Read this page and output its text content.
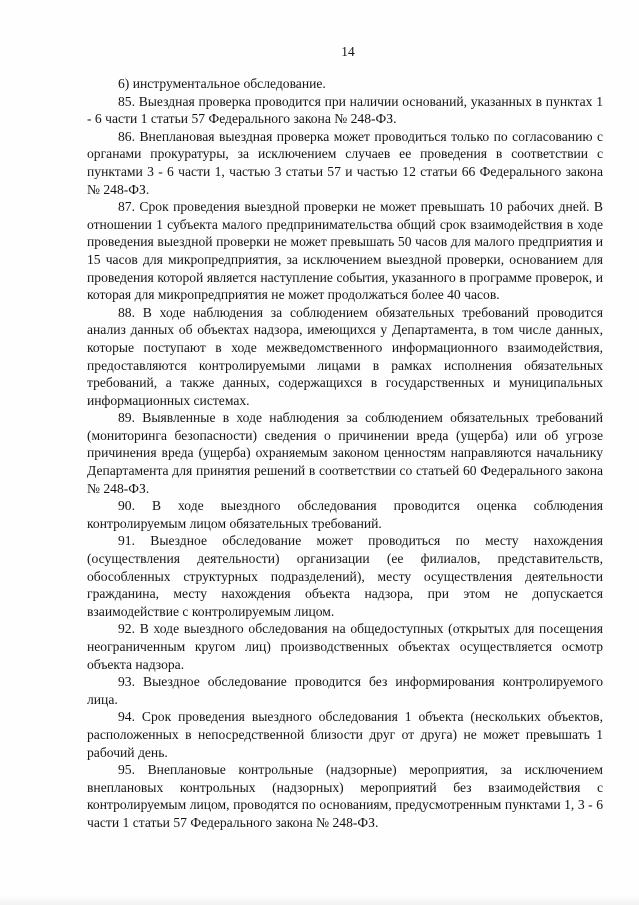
14

6) инструментальное обследование.

85. Выездная проверка проводится при наличии оснований, указанных в пунктах 1 - 6 части 1 статьи 57 Федерального закона № 248-ФЗ.

86. Внеплановая выездная проверка может проводиться только по согласованию с органами прокуратуры, за исключением случаев ее проведения в соответствии с пунктами 3 - 6 части 1, частью 3 статьи 57 и частью 12 статьи 66 Федерального закона № 248-ФЗ.

87. Срок проведения выездной проверки не может превышать 10 рабочих дней. В отношении 1 субъекта малого предпринимательства общий срок взаимодействия в ходе проведения выездной проверки не может превышать 50 часов для малого предприятия и 15 часов для микропредприятия, за исключением выездной проверки, основанием для проведения которой является наступление события, указанного в программе проверок, и которая для микропредприятия не может продолжаться более 40 часов.

88. В ходе наблюдения за соблюдением обязательных требований проводится анализ данных об объектах надзора, имеющихся у Департамента, в том числе данных, которые поступают в ходе межведомственного информационного взаимодействия, предоставляются контролируемыми лицами в рамках исполнения обязательных требований, а также данных, содержащихся в государственных и муниципальных информационных системах.

89. Выявленные в ходе наблюдения за соблюдением обязательных требований (мониторинга безопасности) сведения о причинении вреда (ущерба) или об угрозе причинения вреда (ущерба) охраняемым законом ценностям направляются начальнику Департамента для принятия решений в соответствии со статьей 60 Федерального закона № 248-ФЗ.

90. В ходе выездного обследования проводится оценка соблюдения контролируемым лицом обязательных требований.

91. Выездное обследование может проводиться по месту нахождения (осуществления деятельности) организации (ее филиалов, представительств, обособленных структурных подразделений), месту осуществления деятельности гражданина, месту нахождения объекта надзора, при этом не допускается взаимодействие с контролируемым лицом.

92. В ходе выездного обследования на общедоступных (открытых для посещения неограниченным кругом лиц) производственных объектах осуществляется осмотр объекта надзора.

93. Выездное обследование проводится без информирования контролируемого лица.

94. Срок проведения выездного обследования 1 объекта (нескольких объектов, расположенных в непосредственной близости друг от друга) не может превышать 1 рабочий день.

95. Внеплановые контрольные (надзорные) мероприятия, за исключением внеплановых контрольных (надзорных) мероприятий без взаимодействия с контролируемым лицом, проводятся по основаниям, предусмотренным пунктами 1, 3 - 6 части 1 статьи 57 Федерального закона № 248-ФЗ.
